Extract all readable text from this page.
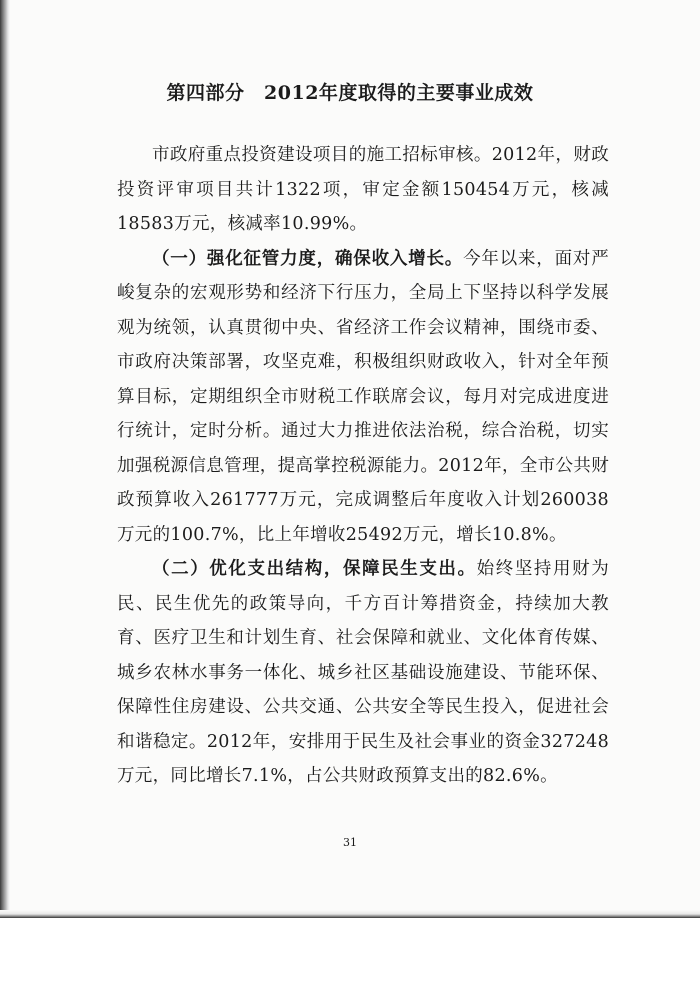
第四部分　2012年度取得的主要事业成效

市政府重点投资建设项目的施工招标审核。2012年，财政投资评审项目共计1322项，审定金额150454万元，核减18583万元，核减率10.99%。

（一）强化征管力度，确保收入增长。今年以来，面对严峻复杂的宏观形势和经济下行压力，全局上下坚持以科学发展观为统领，认真贯彻中央、省经济工作会议精神，围绕市委、市政府决策部署，攻坚克难，积极组织财政收入，针对全年预算目标，定期组织全市财税工作联席会议，每月对完成进度进行统计，定时分析。通过大力推进依法治税，综合治税，切实加强税源信息管理，提高掌控税源能力。2012年，全市公共财政预算收入261777万元，完成调整后年度收入计划260038万元的100.7%，比上年增收25492万元，增长10.8%。

（二）优化支出结构，保障民生支出。始终坚持用财为民、民生优先的政策导向，千方百计筹措资金，持续加大教育、医疗卫生和计划生育、社会保障和就业、文化体育传媒、城乡农林水事务一体化、城乡社区基础设施建设、节能环保、保障性住房建设、公共交通、公共安全等民生投入，促进社会和谐稳定。2012年，安排用于民生及社会事业的资金327248万元，同比增长7.1%，占公共财政预算支出的82.6%。

31
